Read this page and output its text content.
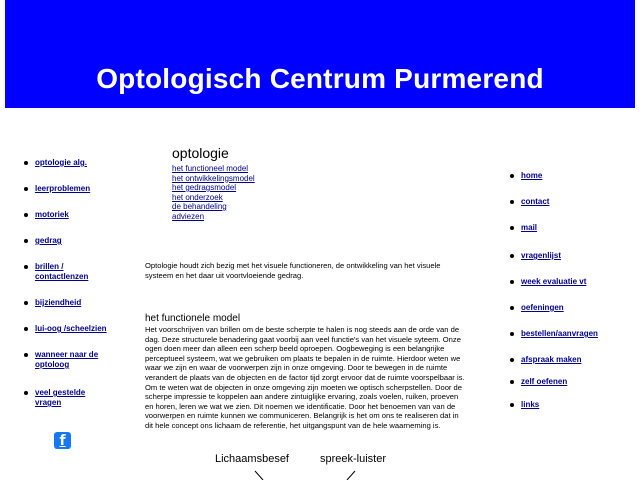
Optologisch Centrum Purmerend
optologie alg.
leerproblemen
motoriek
gedrag
brillen / contactlenzen
bijziendheid
lui-oog /scheelzien
wanneer naar de optoloog
veel gestelde vragen
f
optologie
het functioneel model
het ontwikkelingsmodel
het gedragsmodel
het onderzoek
de behandeling
adviezen

Optologie houdt zich bezig met het visuele functioneren, de ontwikkeling van het visuele systeem en het daar uit voortvloeiende gedrag.

het functionele model

Het voorschrijven van brillen om de beste scherpte te halen is nog steeds aan de orde van de dag. Deze structurele benadering gaat voorbij aan veel functie's van het visuele syteem. Onze ogen doen meer dan alleen een scherp beeld oproepen. Oogbeweging is een belangrijke perceptueel systeem, wat we gebruiken om plaats te bepalen in de ruimte. Hierdoor weten we waar we zijn en waar de voorwerpen zijn in onze omgeving. Door te bewegen in de ruimte verandert de plaats van de objecten en de factor tijd zorgt ervoor dat de ruimte voorspelbaar is. Om te weten wat de objecten in onze omgeving zijn moeten we optisch scherpstellen. Door de scherpe impressie te koppelen aan andere zintuiglijke ervaring, zoals voelen, ruiken, proeven en horen, leren we wat we zien. Dit noemen we identificatie. Door het benoemen van van de voorwerpen en ruimte kunnen we communiceren. Belangrijk is het om ons te realiseren dat in dit hele concept ons lichaam de referentie, het uitgangspunt van de hele waarneming is.

Lichaamsbesef	spreek-luister
home
contact
mail
vragenlijst
week evaluatie vt
oefeningen
bestellen/aanvragen
afspraak maken
zelf oefenen
links
